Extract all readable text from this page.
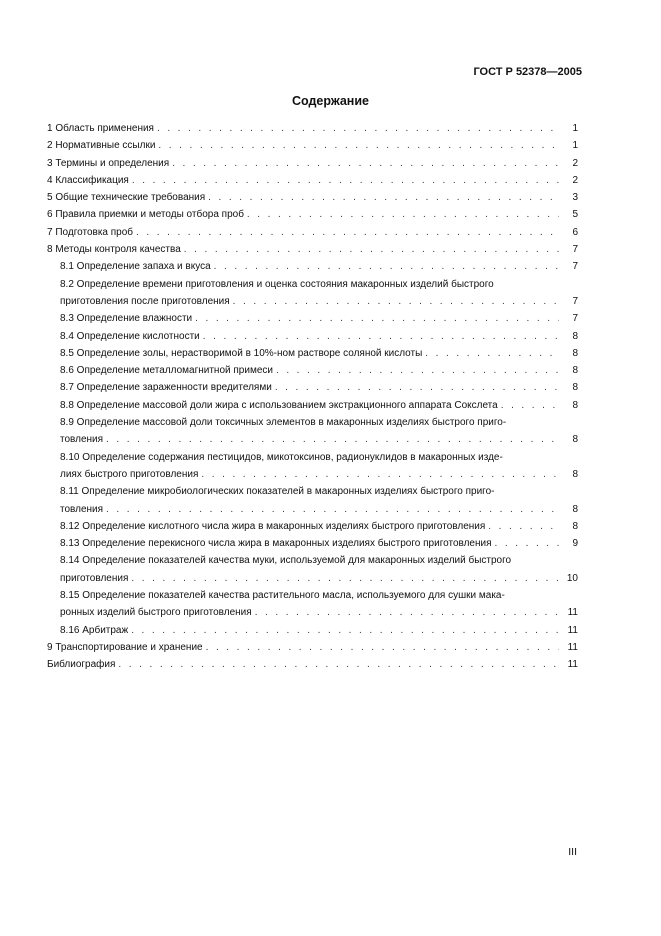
ГОСТ Р 52378—2005
Содержание
1 Область применения . . .	1
2 Нормативные ссылки . . .	1
3 Термины и определения . . .	2
4 Классификация . . .	2
5 Общие технические требования . . .	3
6 Правила приемки и методы отбора проб . . .	5
7 Подготовка проб . . .	6
8 Методы контроля качества . . .	7
8.1 Определение запаха и вкуса . . .	7
8.2 Определение времени приготовления и оценка состояния макаронных изделий быстрого
приготовления после приготовления . . .	7
8.3 Определение влажности . . .	7
8.4 Определение кислотности . . .	8
8.5 Определение золы, нерастворимой в 10%-ном растворе соляной кислоты . . .	8
8.6 Определение металломагнитной примеси . . .	8
8.7 Определение зараженности вредителями . . .	8
8.8 Определение массовой доли жира с использованием экстракционного аппарата Сокслета . . .	8
8.9 Определение массовой доли токсичных элементов в макаронных изделиях быстрого приго-
товления . . .	8
8.10 Определение содержания пестицидов, микотоксинов, радионуклидов в макаронных изде-
лиях быстрого приготовления . . .	8
8.11 Определение микробиологических показателей в макаронных изделиях быстрого приго-
товления . . .	8
8.12 Определение кислотного числа жира в макаронных изделиях быстрого приготовления . . .	8
8.13 Определение перекисного числа жира в макаронных изделиях быстрого приготовления . . .	9
8.14 Определение показателей качества муки, используемой для макаронных изделий быстрого
приготовления . . .	10
8.15 Определение показателей качества растительного масла, используемого для сушки мака-
ронных изделий быстрого приготовления . . .	11
8.16 Арбитраж . . .	11
9 Транспортирование и хранение . . .	11
Библиография . . .	11
III
